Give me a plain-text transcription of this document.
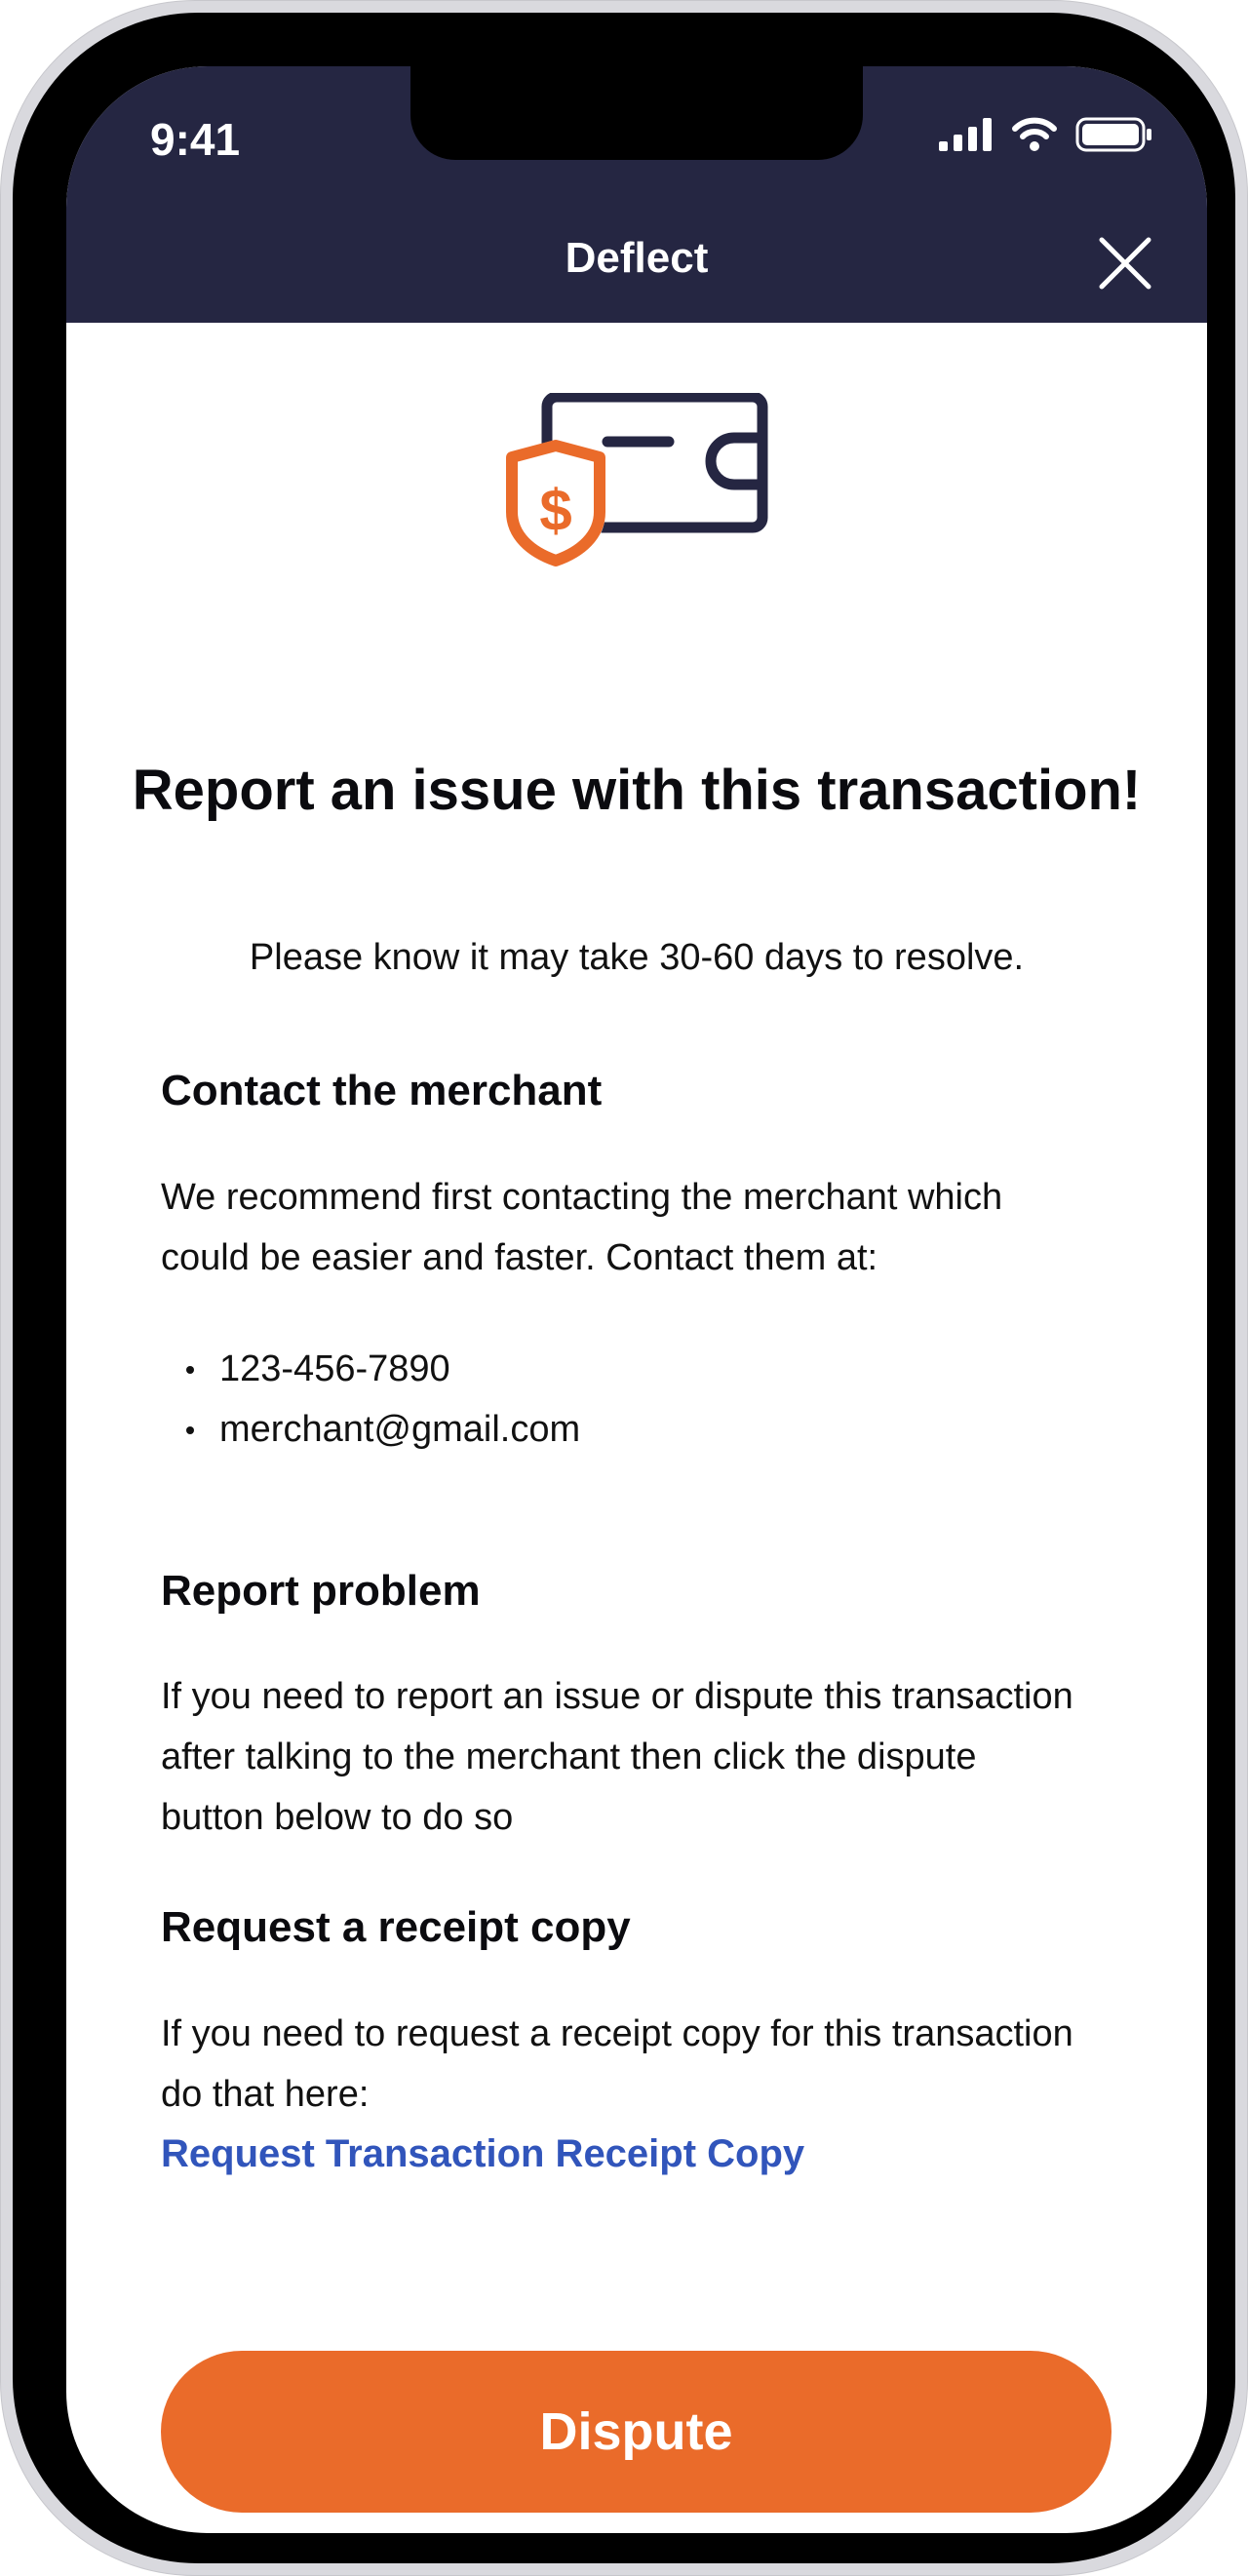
9:41
Deflect
$
Report an issue with this transaction!
Please know it may take 30-60 days to resolve.
Contact the merchant
We recommend first contacting the merchant which could be easier and faster. Contact them at:
123-456-7890
merchant@gmail.com
Report problem
If you need to report an issue or dispute this transaction after talking to the merchant then click the dispute button below to do so
Request a receipt copy
If you need to request a receipt copy for this transaction do that here:
Request Transaction Receipt Copy
Dispute
